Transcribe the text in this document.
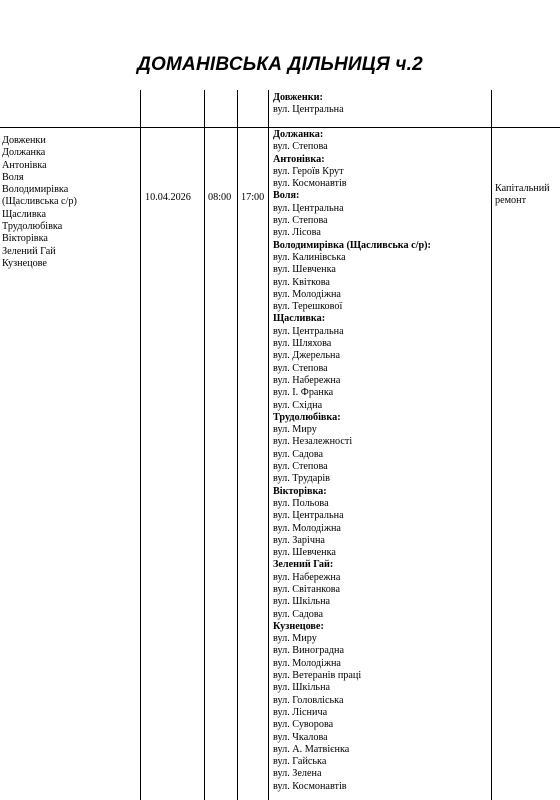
ДОМАНІВСЬКА ДІЛЬНИЦЯ ч.2
Довженки:
вул. Центральна
Довженки
Должанка
Антонівка
Воля
Володимирівка
(Щасливська с/р)
Щасливка
Трудолюбівка
Вікторівка
Зелений Гай
Кузнецове
10.04.2026 08:00 17:00
Капітальний ремонт
Должанка:
вул. Степова
Антонівка:
вул. Героїв Крут
вул. Космонавтів
Воля:
вул. Центральна
вул. Степова
вул. Лісова
Володимирівка (Щасливська с/р):
вул. Калинівська
вул. Шевченка
вул. Квіткова
вул. Молодіжна
вул. Терешкової
Щасливка:
вул. Центральна
вул. Шляхова
вул. Джерельна
вул. Степова
вул. Набережна
вул. І. Франка
вул. Східна
Трудолюбівка:
вул. Миру
вул. Незалежності
вул. Садова
вул. Степова
вул. Трударів
Вікторівка:
вул. Польова
вул. Центральна
вул. Молодіжна
вул. Зарічна
вул. Шевченка
Зелений Гай:
вул. Набережна
вул. Світанкова
вул. Шкільна
вул. Садова
Кузнецове:
вул. Миру
вул. Виноградна
вул. Молодіжна
вул. Ветеранів праці
вул. Шкільна
вул. Головліська
вул. Лісничa
вул. Суворова
вул. Чкалова
вул. А. Матвієнка
вул. Гайська
вул. Зелена
вул. Космонавтів
